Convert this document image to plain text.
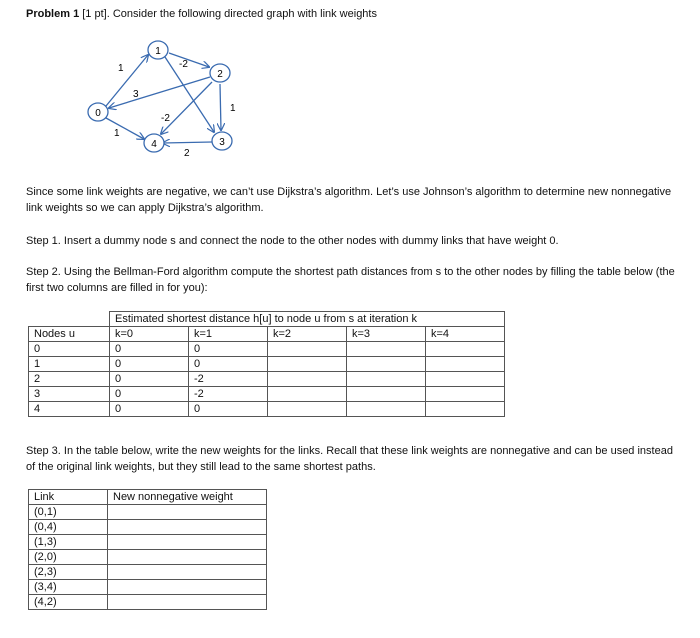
Problem 1 [1 pt]. Consider the following directed graph with link weights
1	-2
1
3
-2
1
2
0
1
2
3
4
Since some link weights are negative, we can’t use Dijkstra’s algorithm. Let’s use Johnson’s algorithm to determine new nonnegative link weights so we can apply Dijkstra’s algorithm.
Step 1. Insert a dummy node s and connect the node to the other nodes with dummy links that have weight 0.
Step 2. Using the Bellman-Ford algorithm compute the shortest path distances from s to the other nodes by filling the table below (the first two columns are filled in for you):
	Estimated shortest distance h[u] to node u from s at iteration k				
Nodes u	k=0	k=1	k=2	k=3	k=4
0	0	0			
1	0	0			
2	0	-2			
3	0	-2			
4	0	0			
Step 3. In the table below, write the new weights for the links. Recall that these link weights are nonnegative and can be used instead of the original link weights, but they still lead to the same shortest paths.
Link	New nonnegative weight
(0,1)	
(0,4)	
(1,3)	
(2,0)	
(2,3)	
(3,4)	
(4,2)	
